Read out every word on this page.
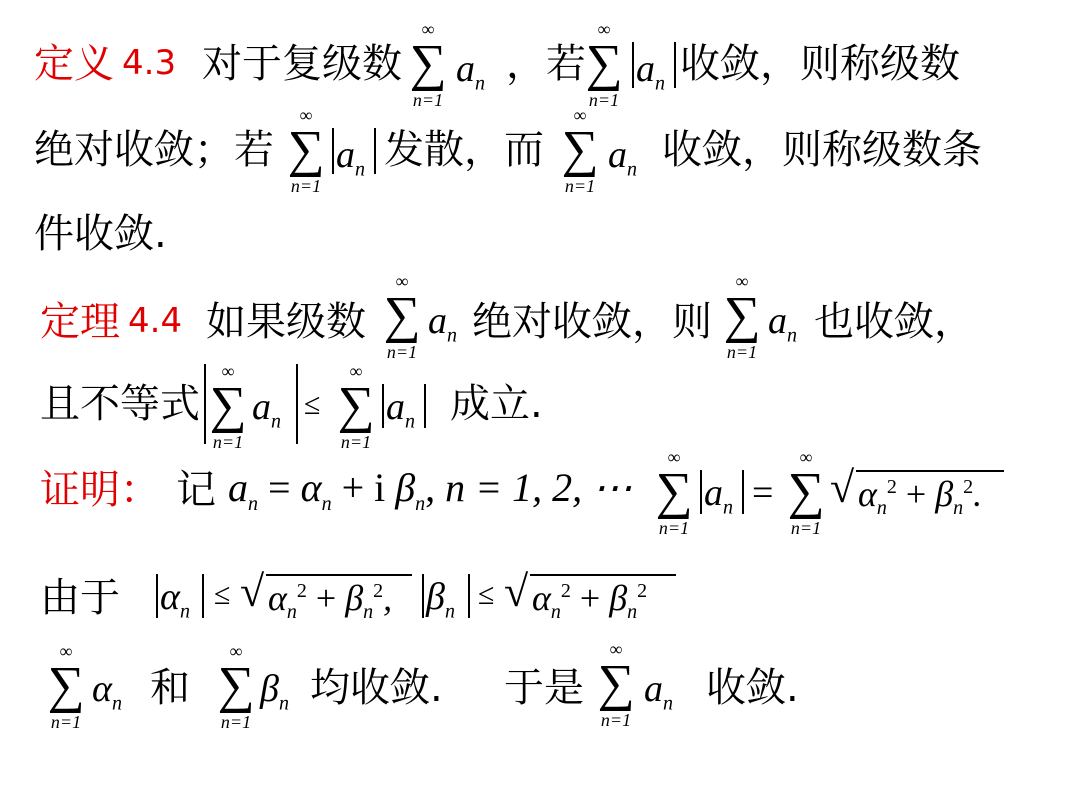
定义 4.3 对于复级数
∞
∑
n=1
$a_n$ ，若
∞
∑
n=1
$a_n$ 收敛，则称级数
绝对收敛；若
∞
∑
n=1
$a_n$ 发散，而
∞
∑
n=1
$a_n$ 收敛，则称级数条
件收敛.
定理 4.4 如果级数
∞
∑
n=1
$a_n$ 绝对收敛，则
∞
∑
n=1
$a_n$ 也收敛，
且不等式
∞
∑
n=1
$a_n$
≤
∞
∑
n=1
$a_n$ 成立.
证明： 记 $a_n = \alpha_n + i$ $\beta_n$, n = 1, 2, ⋯
∞
∑
n=1
$a_n$ =
∞
∑
n=1
√ $\alpha_n^2 + \beta_n^2$.
由于 $\alpha_n$
≤ √ $\alpha_n^2 + \beta_n^2$, $\beta_n$
≤ √ $\alpha_n^2 + \beta_n^2$
∞
∑
n=1
$\alpha_n$ 和
∞
∑
n=1
$\beta_n$ 均收敛. 于是
∞
∑
n=1
$a_n$ 收敛.
